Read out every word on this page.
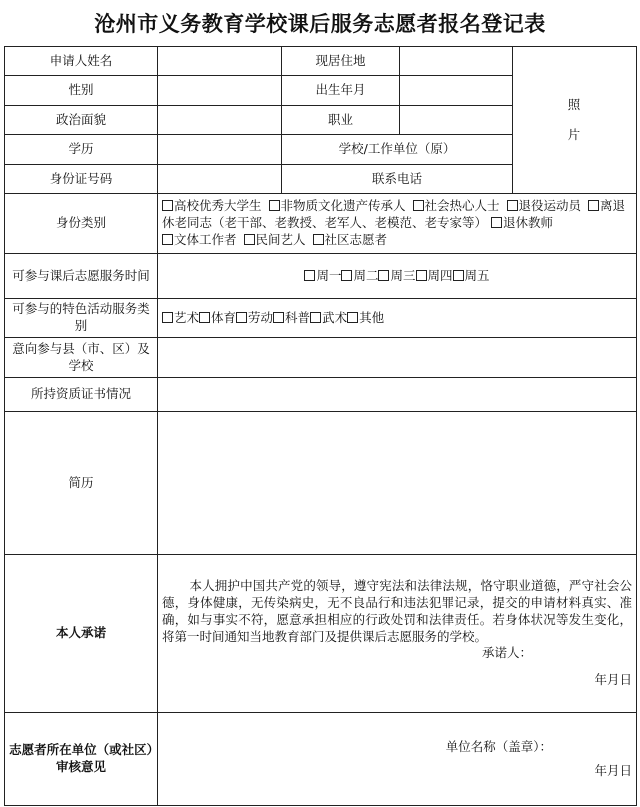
沧州市义务教育学校课后服务志愿者报名登记表
申请人姓名		现居住地		照
片

性别		出生年月		
政治面貌		职业		
学历		学校/工作单位（原）		
身份证号码		联系电话		
身份类别	高校优秀大学生 非物质文化遗产传承人 社会热心人士 退役运动员 离退休老同志（老干部、老教授、老军人、老模范、老专家等） 退休教师 文体工作者 民间艺人 社区志愿者			
可参与课后志愿服务时间	周一 周二 周三 周四 周五			
可参与的特色活动服务类别	艺术 体育 劳动 科普 武术 其他			
意向参与县（市、区）及学校				
所持资质证书情况				
简历				
本人承诺	本人拥护中国共产党的领导，遵守宪法和法律法规，恪守职业道德，严守社会公德，身体健康，无传染病史，无不良品行和违法犯罪记录，提交的申请材料真实、准确，如与事实不符，愿意承担相应的行政处罚和法律责任。若身体状况等发生变化，将第一时间通知当地教育部门及提供课后志愿服务的学校。

承诺人：
年月日			

志愿者所在单位（或社区）审核意见	单位名称（盖章）：
年月日			
